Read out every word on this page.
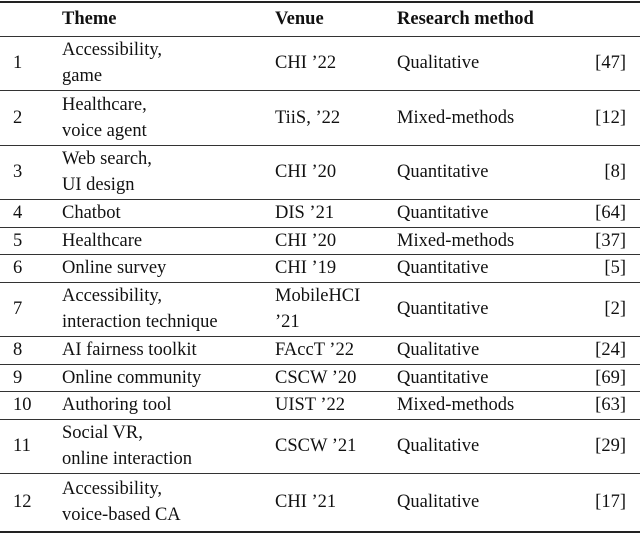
	Theme	Venue	Research method	
1	Accessibility,
game	CHI ’22	Qualitative	[47]
2	Healthcare,
voice agent	TiiS, ’22	Mixed-methods	[12]
3	Web search,
UI design	CHI ’20	Quantitative	[8]
4	Chatbot	DIS ’21	Quantitative	[64]
5	Healthcare	CHI ’20	Mixed-methods	[37]
6	Online survey	CHI ’19	Quantitative	[5]
7	Accessibility,
interaction technique	MobileHCI
’21	Quantitative	[2]
8	AI fairness toolkit	FAccT ’22	Qualitative	[24]
9	Online community	CSCW ’20	Quantitative	[69]
10	Authoring tool	UIST ’22	Mixed-methods	[63]
11	Social VR,
online interaction	CSCW ’21	Qualitative	[29]
12	Accessibility,
voice-based CA	CHI ’21	Qualitative	[17]
